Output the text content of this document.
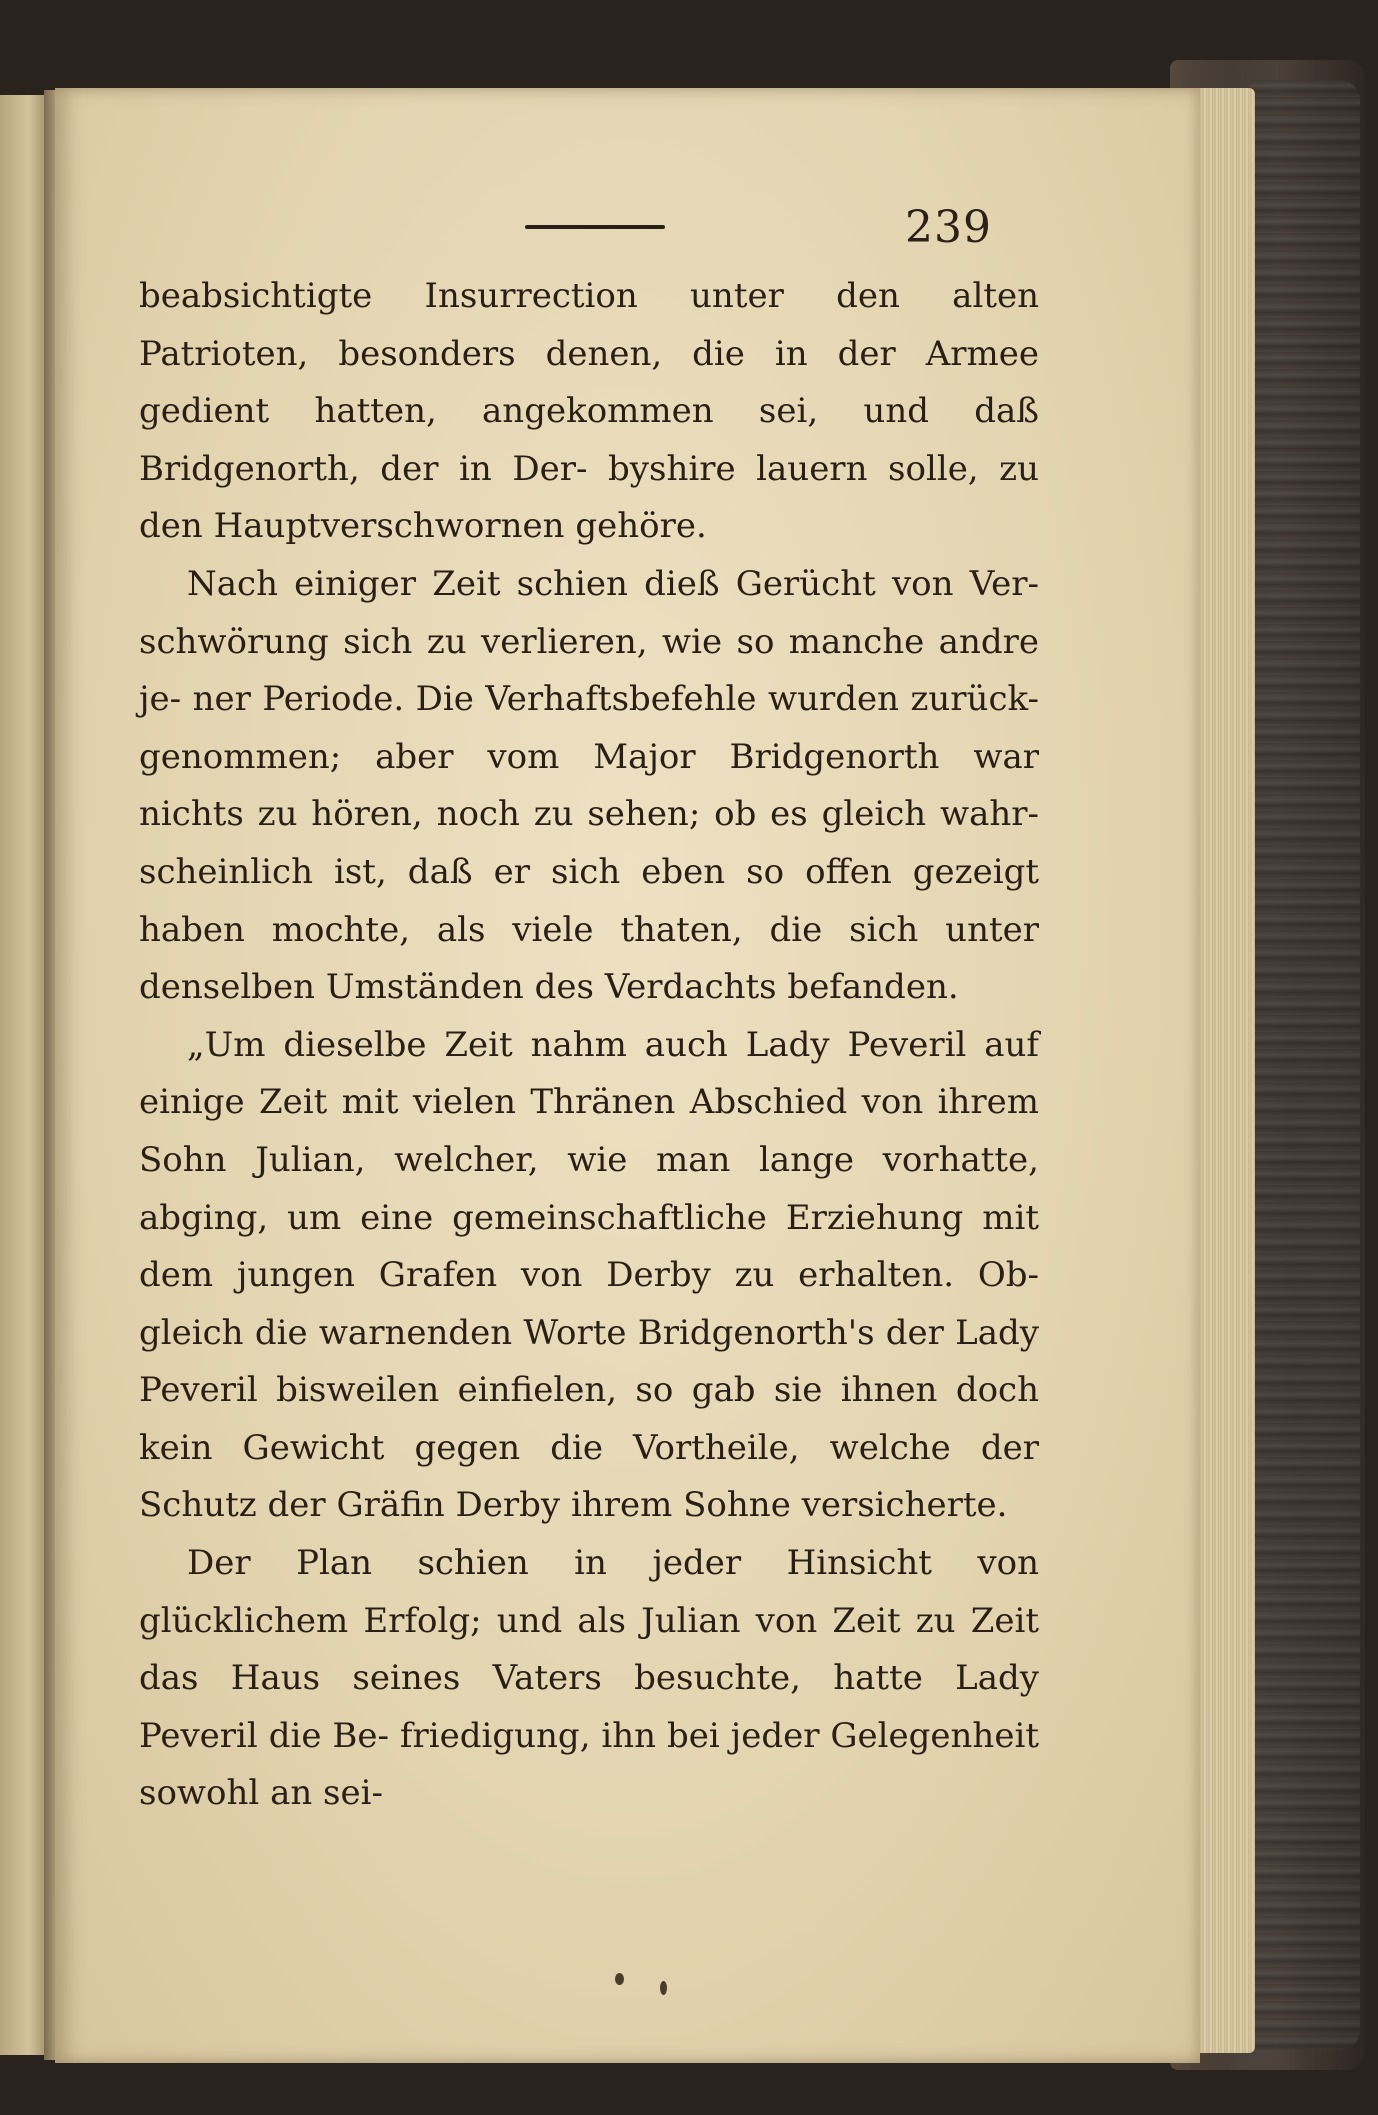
239

beabsichtigte Insurrection unter den alten Patrioten, besonders denen, die in der Armee gedient hatten, angekommen sei, und daß Bridgenorth, der in Der- byshire lauern solle, zu den Hauptverschwornen gehöre.

Nach einiger Zeit schien dieß Gerücht von Ver- schwörung sich zu verlieren, wie so manche andre je- ner Periode. Die Verhaftsbefehle wurden zurück- genommen; aber vom Major Bridgenorth war nichts zu hören, noch zu sehen; ob es gleich wahr- scheinlich ist, daß er sich eben so offen gezeigt haben mochte, als viele thaten, die sich unter denselben Umständen des Verdachts befanden.

„Um dieselbe Zeit nahm auch Lady Peveril auf einige Zeit mit vielen Thränen Abschied von ihrem Sohn Julian, welcher, wie man lange vorhatte, abging, um eine gemeinschaftliche Erziehung mit dem jungen Grafen von Derby zu erhalten. Ob- gleich die warnenden Worte Bridgenorth's der Lady Peveril bisweilen einfielen, so gab sie ihnen doch kein Gewicht gegen die Vortheile, welche der Schutz der Gräfin Derby ihrem Sohne versicherte.

Der Plan schien in jeder Hinsicht von glücklichem Erfolg; und als Julian von Zeit zu Zeit das Haus seines Vaters besuchte, hatte Lady Peveril die Be- friedigung, ihn bei jeder Gelegenheit sowohl an sei-
